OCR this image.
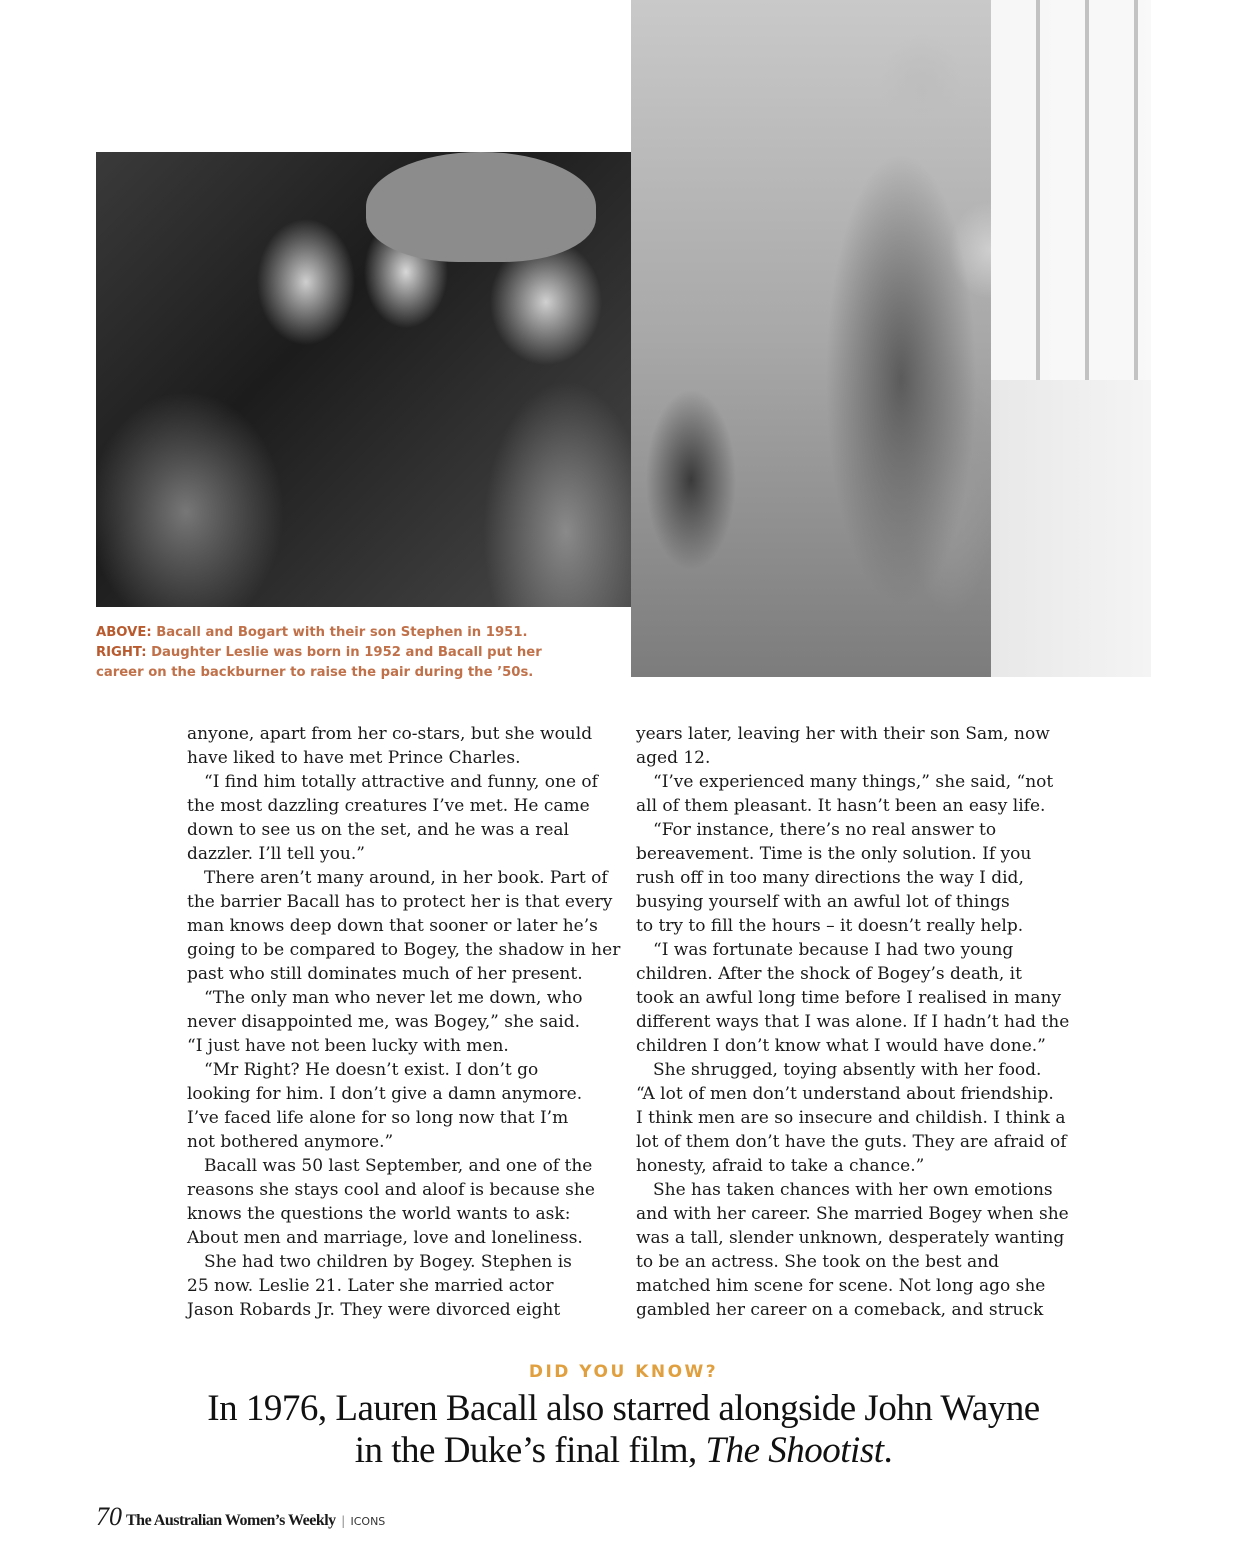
ABOVE: Bacall and Bogart with their son Stephen in 1951.
RIGHT: Daughter Leslie was born in 1952 and Bacall put her career on the backburner to raise the pair during the ’50s.
anyone, apart from her co-stars, but she would
have liked to have met Prince Charles.
“I find him totally attractive and funny, one of
the most dazzling creatures I’ve met. He came
down to see us on the set, and he was a real
dazzler. I’ll tell you.”
There aren’t many around, in her book. Part of
the barrier Bacall has to protect her is that every
man knows deep down that sooner or later he’s
going to be compared to Bogey, the shadow in her
past who still dominates much of her present.
“The only man who never let me down, who
never disappointed me, was Bogey,” she said.
“I just have not been lucky with men.
“Mr Right? He doesn’t exist. I don’t go
looking for him. I don’t give a damn anymore.
I’ve faced life alone for so long now that I’m
not bothered anymore.”
Bacall was 50 last September, and one of the
reasons she stays cool and aloof is because she
knows the questions the world wants to ask:
About men and marriage, love and loneliness.
She had two children by Bogey. Stephen is
25 now. Leslie 21. Later she married actor
Jason Robards Jr. They were divorced eight
years later, leaving her with their son Sam, now
aged 12.
“I’ve experienced many things,” she said, “not
all of them pleasant. It hasn’t been an easy life.
“For instance, there’s no real answer to
bereavement. Time is the only solution. If you
rush off in too many directions the way I did,
busying yourself with an awful lot of things
to try to fill the hours – it doesn’t really help.
“I was fortunate because I had two young
children. After the shock of Bogey’s death, it
took an awful long time before I realised in many
different ways that I was alone. If I hadn’t had the
children I don’t know what I would have done.”
She shrugged, toying absently with her food.
“A lot of men don’t understand about friendship.
I think men are so insecure and childish. I think a
lot of them don’t have the guts. They are afraid of
honesty, afraid to take a chance.”
She has taken chances with her own emotions
and with her career. She married Bogey when she
was a tall, slender unknown, desperately wanting
to be an actress. She took on the best and
matched him scene for scene. Not long ago she
gambled her career on a comeback, and struck
DID YOU KNOW?
In 1976, Lauren Bacall also starred alongside John Wayne
in the Duke’s final film, The Shootist.
70 The Australian Women’s Weekly | ICONS
